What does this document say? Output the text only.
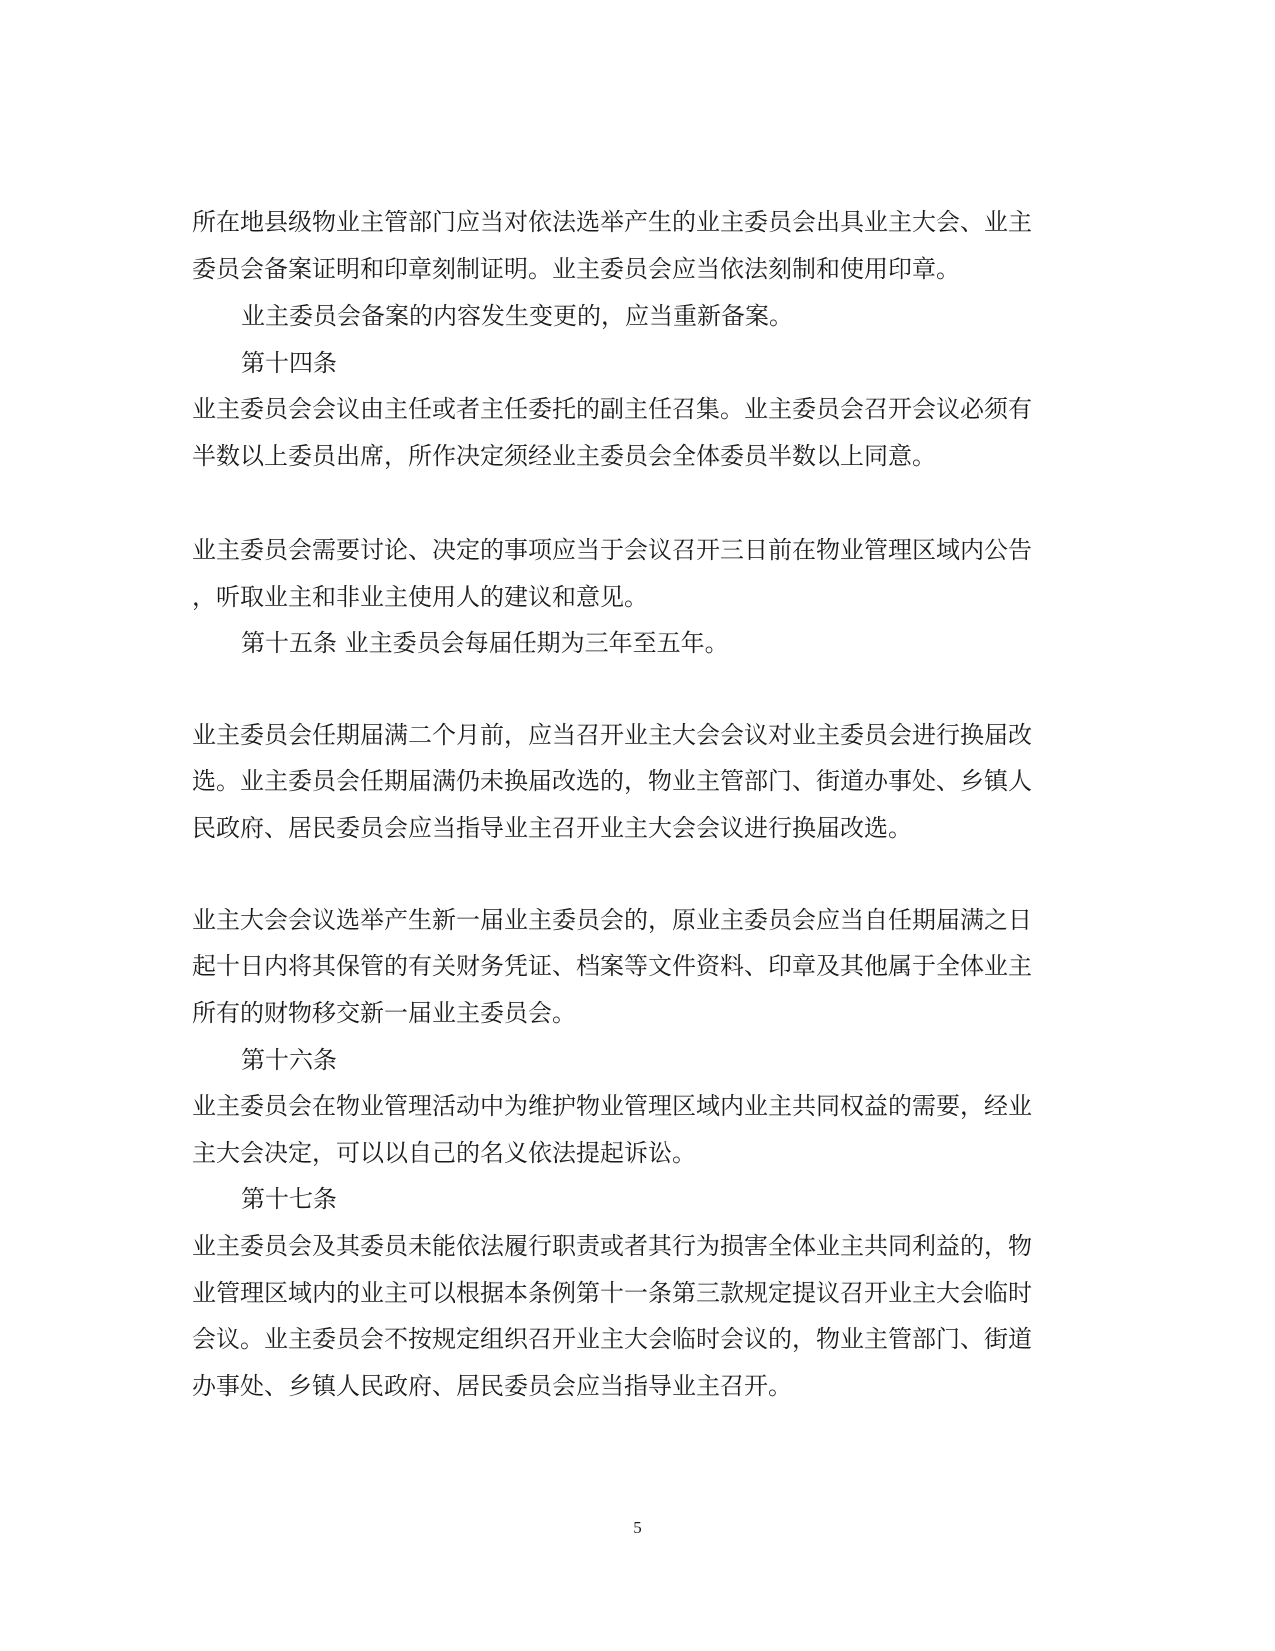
所在地县级物业主管部门应当对依法选举产生的业主委员会出具业主大会、业主
委员会备案证明和印章刻制证明。业主委员会应当依法刻制和使用印章。
业主委员会备案的内容发生变更的，应当重新备案。
第十四条
业主委员会会议由主任或者主任委托的副主任召集。业主委员会召开会议必须有
半数以上委员出席，所作决定须经业主委员会全体委员半数以上同意。
业主委员会需要讨论、决定的事项应当于会议召开三日前在物业管理区域内公告
，听取业主和非业主使用人的建议和意见。
第十五条 业主委员会每届任期为三年至五年。
业主委员会任期届满二个月前，应当召开业主大会会议对业主委员会进行换届改
选。业主委员会任期届满仍未换届改选的，物业主管部门、街道办事处、乡镇人
民政府、居民委员会应当指导业主召开业主大会会议进行换届改选。
业主大会会议选举产生新一届业主委员会的，原业主委员会应当自任期届满之日
起十日内将其保管的有关财务凭证、档案等文件资料、印章及其他属于全体业主
所有的财物移交新一届业主委员会。
第十六条
业主委员会在物业管理活动中为维护物业管理区域内业主共同权益的需要，经业
主大会决定，可以以自己的名义依法提起诉讼。
第十七条
业主委员会及其委员未能依法履行职责或者其行为损害全体业主共同利益的，物
业管理区域内的业主可以根据本条例第十一条第三款规定提议召开业主大会临时
会议。业主委员会不按规定组织召开业主大会临时会议的，物业主管部门、街道
办事处、乡镇人民政府、居民委员会应当指导业主召开。
5
